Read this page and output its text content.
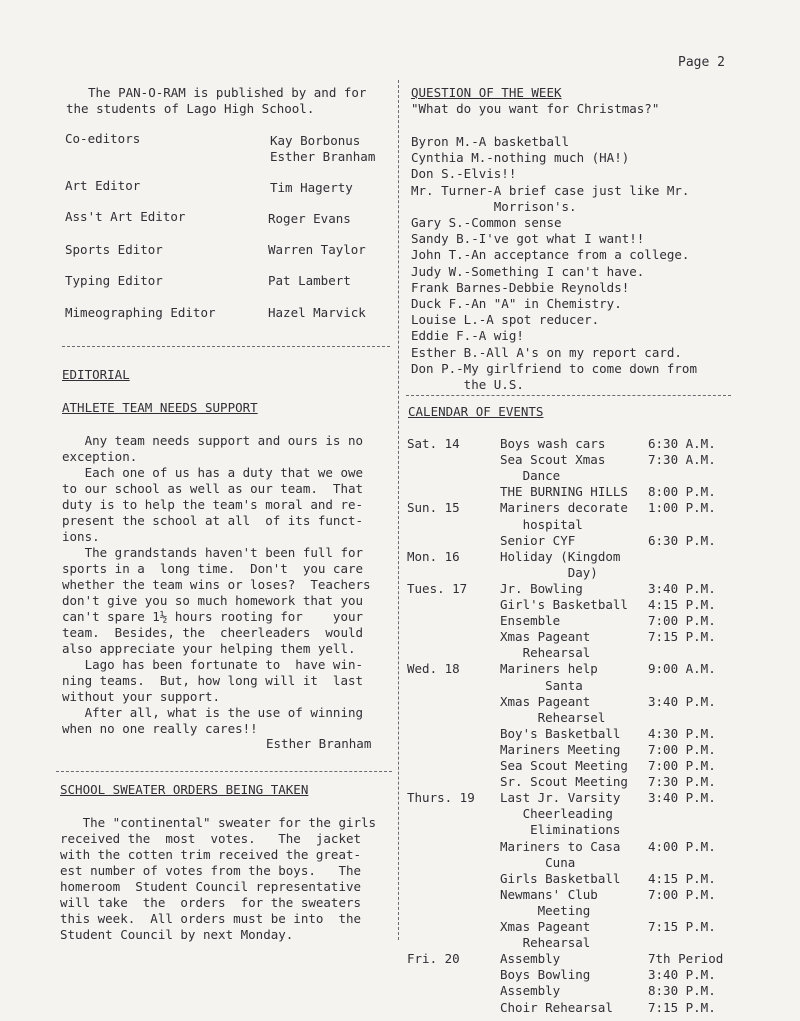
Page 2
The PAN-O-RAM is published by and for
the students of Lago High School.
Co-editors	Kay Borbonus
Esther Branham
Art Editor	Tim Hagerty
Ass't Art Editor	Roger Evans
Sports Editor	Warren Taylor
Typing Editor	Pat Lambert
Mimeographing Editor	Hazel Marvick
EDITORIAL
ATHLETE TEAM NEEDS SUPPORT
Any team needs support and ours is no
exception.
Each one of us has a duty that we owe
to our school as well as our team.  That
duty is to help the team's moral and re-
present the school at all  of its funct-
ions.
The grandstands haven't been full for
sports in a  long time.  Don't  you care
whether the team wins or loses?  Teachers
don't give you so much homework that you
can't spare 1½ hours rooting for    your
team.  Besides, the  cheerleaders  would
also appreciate your helping them yell.
Lago has been fortunate to  have win-
ning teams.  But, how long will it  last
without your support.
After all, what is the use of winning
when no one really cares!!
Esther Branham
SCHOOL SWEATER ORDERS BEING TAKEN
The "continental" sweater for the girls
received the  most  votes.   The  jacket
with the cotten trim received the great-
est number of votes from the boys.   The
homeroom  Student Council representative
will take  the  orders  for the sweaters
this week.  All orders must be into  the
Student Council by next Monday.
QUESTION OF THE WEEK
"What do you want for Christmas?"
Byron M.-A basketball
Cynthia M.-nothing much (HA!)
Don S.-Elvis!!
Mr. Turner-A brief case just like Mr.
Morrison's.
Gary S.-Common sense
Sandy B.-I've got what I want!!
John T.-An acceptance from a college.
Judy W.-Something I can't have.
Frank Barnes-Debbie Reynolds!
Duck F.-An "A" in Chemistry.
Louise L.-A spot reducer.
Eddie F.-A wig!
Esther B.-All A's on my report card.
Don P.-My girlfriend to come down from
the U.S.
CALENDAR OF EVENTS
Sat. 14	Boys wash cars	6:30 A.M.
Sea Scout Xmas	7:30 A.M.
Dance
THE BURNING HILLS 8:00 P.M.
Sun. 15	Mariners decorate 1:00 P.M.
hospital
Senior CYF	6:30 P.M.
Mon. 16	Holiday (Kingdom
Day)
Tues. 17	Jr. Bowling	3:40 P.M.
Girl's Basketball 4:15 P.M.
Ensemble	7:00 P.M.
Xmas Pageant	7:15 P.M.
Rehearsal
Wed. 18	Mariners help	9:00 A.M.
Santa
Xmas Pageant	3:40 P.M.
Rehearsel
Boy's Basketball 4:30 P.M.
Mariners Meeting 7:00 P.M.
Sea Scout Meeting 7:00 P.M.
Sr. Scout Meeting 7:30 P.M.
Thurs. 19 Last Jr. Varsity 3:40 P.M.
Cheerleading
Eliminations
Mariners to Casa 4:00 P.M.
Cuna
Girls Basketball 4:15 P.M.
Newmans' Club	7:00 P.M.
Meeting
Xmas Pageant	7:15 P.M.
Rehearsal
Fri. 20	Assembly	7th Period
Boys Bowling	3:40 P.M.
Assembly	8:30 P.M.
Choir Rehearsal	7:15 P.M.
